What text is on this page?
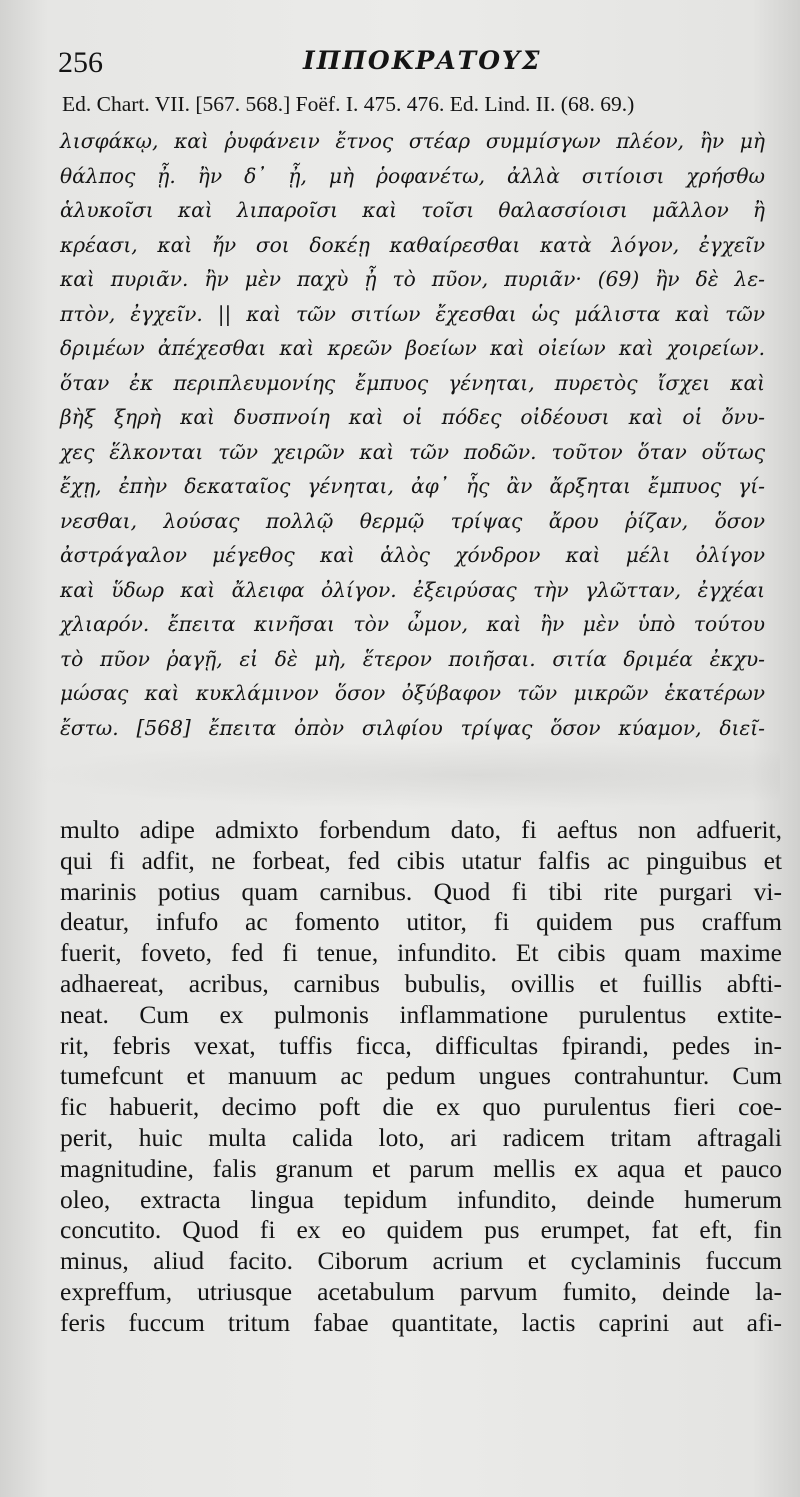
256	ΙΠΠΟΚΡΑΤΟΥΣ
Ed. Chart. VII. [567. 568.] Foëf. I. 475. 476. Ed. Lind. II. (68. 69.)
λισφάκῳ, καὶ ῥυφάνειν ἔτνος στέαρ συμμίσγων πλέον, ἢν μὴ
θάλπος ᾖ. ἢν δ᾽ ᾖ, μὴ ῥοφανέτω, ἀλλὰ σιτίοισι χρήσθω
ἁλυκοῖσι καὶ λιπαροῖσι καὶ τοῖσι θαλασσίοισι μᾶλλον ἢ
κρέασι, καὶ ἤν σοι δοκέῃ καθαίρεσθαι κατὰ λόγον, ἐγχεῖν
καὶ πυριᾶν. ἢν μὲν παχὺ ᾖ τὸ πῦον, πυριᾶν· (69) ἢν δὲ λε-
πτὸν, ἐγχεῖν. || καὶ τῶν σιτίων ἔχεσθαι ὡς μάλιστα καὶ τῶν
δριμέων ἀπέχεσθαι καὶ κρεῶν βοείων καὶ οἰείων καὶ χοιρείων.
ὅταν ἐκ περιπλευμονίης ἔμπυος γένηται, πυρετὸς ἴσχει καὶ
βὴξ ξηρὴ καὶ δυσπνοίη καὶ οἱ πόδες οἰδέουσι καὶ οἱ ὄνυ-
χες ἕλκονται τῶν χειρῶν καὶ τῶν ποδῶν. τοῦτον ὅταν οὕτως
ἔχῃ, ἐπὴν δεκαταῖος γένηται, ἀφ᾽ ἧς ἂν ἄρξηται ἔμπυος γί-
νεσθαι, λούσας πολλῷ θερμῷ τρίψας ἄρου ῥίζαν, ὅσον
ἀστράγαλον μέγεθος καὶ ἁλὸς χόνδρον καὶ μέλι ὀλίγον
καὶ ὕδωρ καὶ ἄλειφα ὀλίγον. ἐξειρύσας τὴν γλῶτταν, ἐγχέαι
χλιαρόν. ἔπειτα κινῆσαι τὸν ὦμον, καὶ ἢν μὲν ὑπὸ τούτου
τὸ πῦον ῥαγῇ, εἰ δὲ μὴ, ἕτερον ποιῆσαι. σιτία δριμέα ἐκχυ-
μώσας καὶ κυκλάμινον ὅσον ὀξύβαφον τῶν μικρῶν ἑκατέρων
ἔστω. [568] ἔπειτα ὀπὸν σιλφίου τρίψας ὅσον κύαμον, διεῖ-
multo adipe admixto forbendum dato, fi aeftus non adfuerit,
qui fi adfit, ne forbeat, fed cibis utatur falfis ac pinguibus et
marinis potius quam carnibus. Quod fi tibi rite purgari vi-
deatur, infufo ac fomento utitor, fi quidem pus craffum
fuerit, foveto, fed fi tenue, infundito. Et cibis quam maxime
adhaereat, acribus, carnibus bubulis, ovillis et fuillis abfti-
neat. Cum ex pulmonis inflammatione purulentus extite-
rit, febris vexat, tuffis ficca, difficultas fpirandi, pedes in-
tumefcunt et manuum ac pedum ungues contrahuntur. Cum
fic habuerit, decimo poft die ex quo purulentus fieri coe-
perit, huic multa calida loto, ari radicem tritam aftragali
magnitudine, falis granum et parum mellis ex aqua et pauco
oleo, extracta lingua tepidum infundito, deinde humerum
concutito. Quod fi ex eo quidem pus erumpet, fat eft, fin
minus, aliud facito. Ciborum acrium et cyclaminis fuccum
expreffum, utriusque acetabulum parvum fumito, deinde la-
feris fuccum tritum fabae quantitate, lactis caprini aut afi-
